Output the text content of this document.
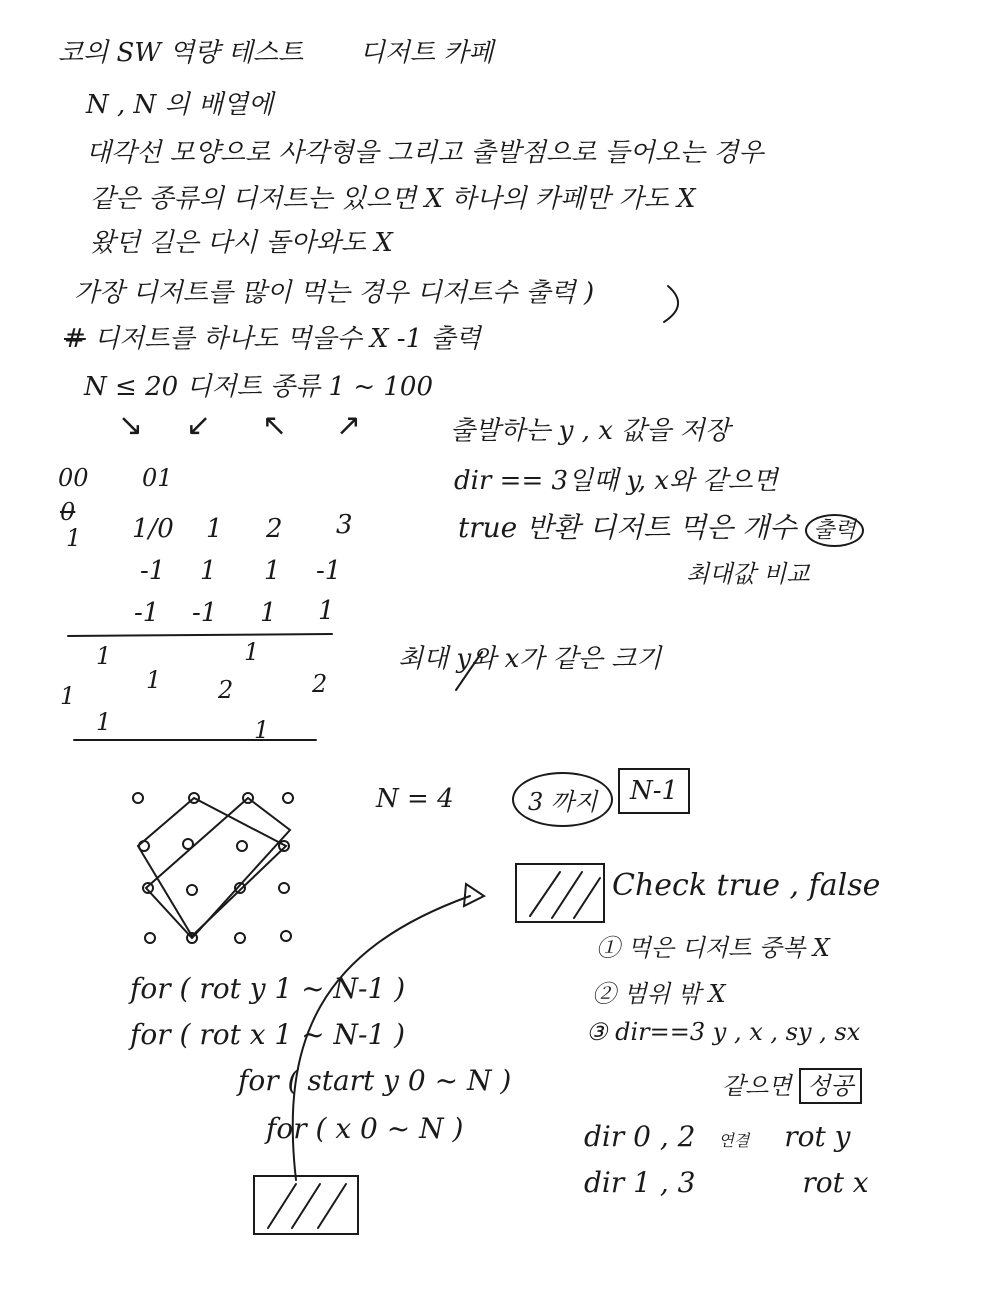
코의 SW 역량 테스트 디저트 카페
N , N 의 배열에
대각선 모양으로 사각형을 그리고 출발점으로 들어오는 경우
같은 종류의 디저트는 있으면 X 하나의 카페만 가도 X
왔던 길은 다시 돌아와도 X
가장 디저트를 많이 먹는 경우 디저트수 출력 )
# 디저트를 하나도 먹을수 X -1 출력
N ≤ 20 디저트 종류 1 ~ 100
↘ ↙ ↖ ↗	출발하는 y , x 값을 저장
dir == 3일때 y, x와 같으면
true 반환 디저트 먹은 개수 출력
최대값 비교
00 01
0
1 1/0 1 2 3
-1 1 1 -1
-1 -1 1 1
1	1
1
1 2	2
1	1
최대 y와 x가 같은 크기
N = 4	3 까지	N-1
Check true , false
① 먹은 디저트 중복 X
② 범위 밖 X
③ dir==3 y , x , sy , sx
같으면 성공
for ( rot y 1 ~ N-1 )
for ( rot x 1 ~ N-1 )
for ( start y 0 ~ N )
for ( x 0 ~ N )	dir 0 , 2 연결 rot y
dir 1 , 3	rot x
